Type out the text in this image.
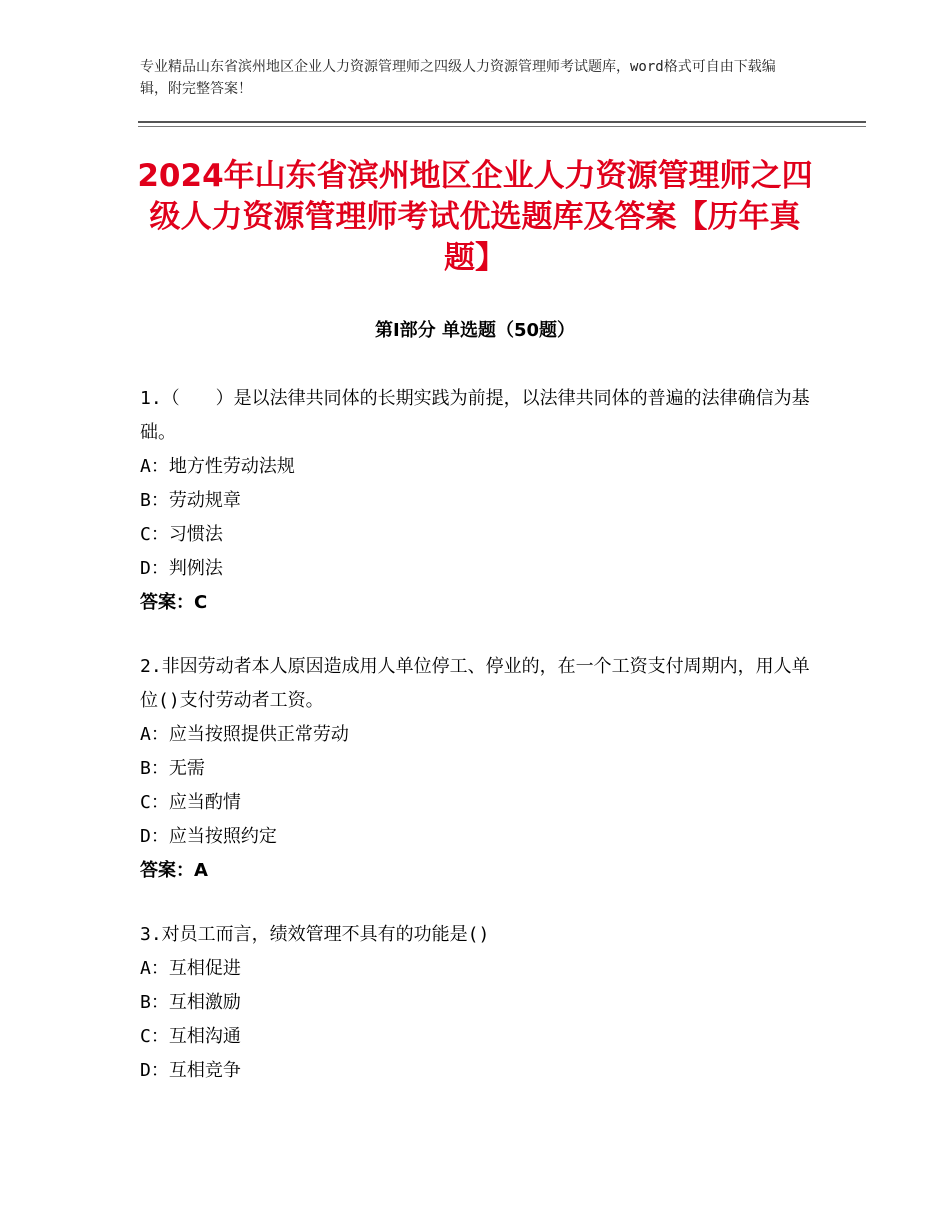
专业精品山东省滨州地区企业人力资源管理师之四级人力资源管理师考试题库，word格式可自由下载编辑，附完整答案！
2024年山东省滨州地区企业人力资源管理师之四级人力资源管理师考试优选题库及答案【历年真题】
第Ⅰ部分 单选题（50题）

1.（　　）是以法律共同体的长期实践为前提，以法律共同体的普遍的法律确信为基础。

A：地方性劳动法规

B：劳动规章

C：习惯法

D：判例法

答案：C

2.非因劳动者本人原因造成用人单位停工、停业的，在一个工资支付周期内，用人单位()支付劳动者工资。

A：应当按照提供正常劳动

B：无需

C：应当酌情

D：应当按照约定

答案：A

3.对员工而言，绩效管理不具有的功能是()

A：互相促进

B：互相激励

C：互相沟通

D：互相竞争
